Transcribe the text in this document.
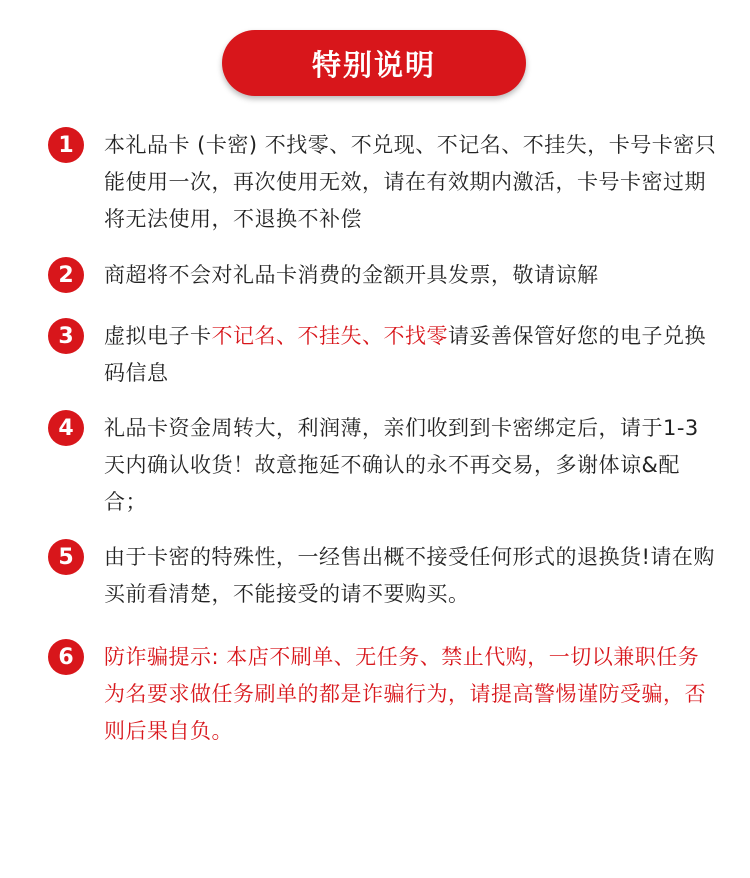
特别说明
1	本礼品卡 (卡密) 不找零、不兑现、不记名、不挂失，卡号卡密只能使用一次，再次使用无效，请在有效期内激活，卡号卡密过期将无法使用，不退换不补偿
2	商超将不会对礼品卡消费的金额开具发票，敬请谅解
3	虚拟电子卡不记名、不挂失、不找零请妥善保管好您的电子兑换码信息
4	礼品卡资金周转大，利润薄，亲们收到到卡密绑定后，请于1-3天内确认收货！故意拖延不确认的永不再交易，多谢体谅&配合；
5	由于卡密的特殊性，一经售出概不接受任何形式的退换货!请在购买前看清楚，不能接受的请不要购买。
6	防诈骗提示: 本店不刷单、无任务、禁止代购，一切以兼职任务为名要求做任务刷单的都是诈骗行为，请提高警惕谨防受骗，否则后果自负。
